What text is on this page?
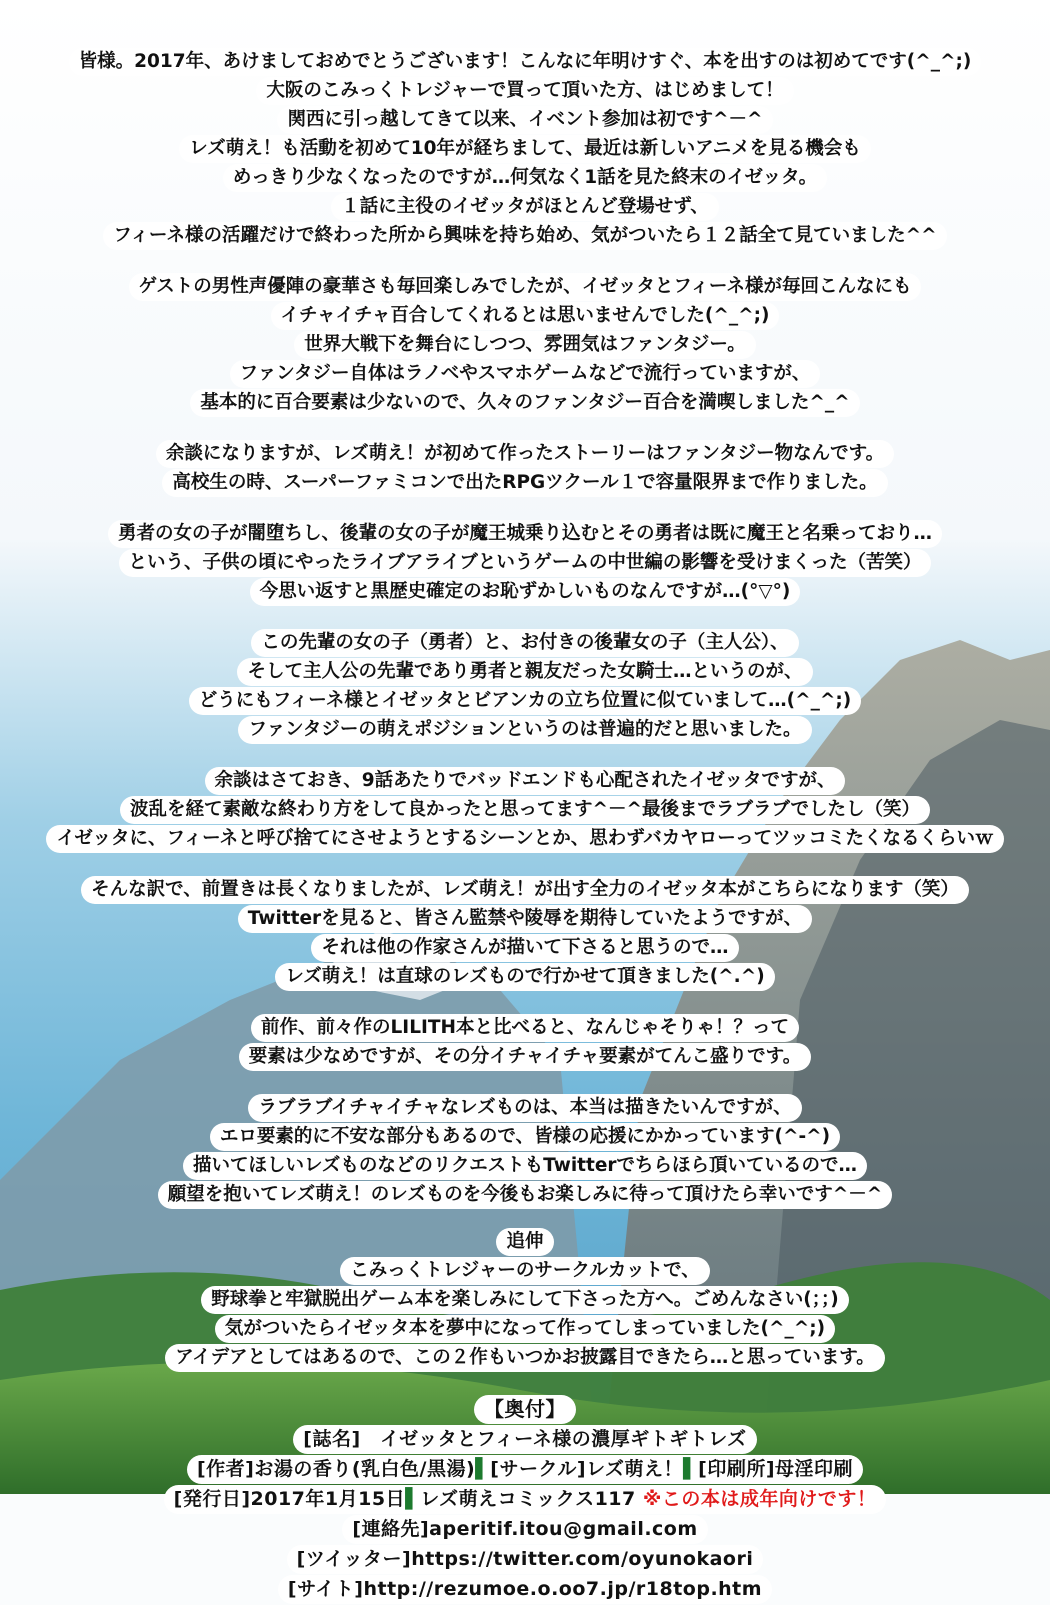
皆様。2017年、あけましておめでとうございます！こんなに年明けすぐ、本を出すのは初めてです(^_^;)
大阪のこみっくトレジャーで買って頂いた方、はじめまして！
関西に引っ越してきて以来、イベント参加は初です^－^
レズ萌え！も活動を初めて10年が経ちまして、最近は新しいアニメを見る機会も
めっきり少なくなったのですが…何気なく1話を見た終末のイゼッタ。
１話に主役のイゼッタがほとんど登場せず、
フィーネ様の活躍だけで終わった所から興味を持ち始め、気がついたら１２話全て見ていました^^
ゲストの男性声優陣の豪華さも毎回楽しみでしたが、イゼッタとフィーネ様が毎回こんなにも
イチャイチャ百合してくれるとは思いませんでした(^_^;)
世界大戦下を舞台にしつつ、雰囲気はファンタジー。
ファンタジー自体はラノベやスマホゲームなどで流行っていますが、
基本的に百合要素は少ないので、久々のファンタジー百合を満喫しました^_^
余談になりますが、レズ萌え！が初めて作ったストーリーはファンタジー物なんです。
高校生の時、スーパーファミコンで出たRPGツクール１で容量限界まで作りました。
勇者の女の子が闇堕ちし、後輩の女の子が魔王城乗り込むとその勇者は既に魔王と名乗っており…
という、子供の頃にやったライブアライブというゲームの中世編の影響を受けまくった（苦笑）
今思い返すと黒歴史確定のお恥ずかしいものなんですが…(°▽°)
この先輩の女の子（勇者）と、お付きの後輩女の子（主人公）、
そして主人公の先輩であり勇者と親友だった女騎士…というのが、
どうにもフィーネ様とイゼッタとビアンカの立ち位置に似ていまして…(^_^;)
ファンタジーの萌えポジションというのは普遍的だと思いました。
余談はさておき、9話あたりでバッドエンドも心配されたイゼッタですが、
波乱を経て素敵な終わり方をして良かったと思ってます^－^最後までラブラブでしたし（笑）
イゼッタに、フィーネと呼び捨てにさせようとするシーンとか、思わずバカヤローってツッコミたくなるくらいｗ
そんな訳で、前置きは長くなりましたが、レズ萌え！が出す全力のイゼッタ本がこちらになります（笑）
Twitterを見ると、皆さん監禁や陵辱を期待していたようですが、
それは他の作家さんが描いて下さると思うので…
レズ萌え！は直球のレズもので行かせて頂きました(^.^)
前作、前々作のLILITH本と比べると、なんじゃそりゃ！？って
要素は少なめですが、その分イチャイチャ要素がてんこ盛りです。
ラブラブイチャイチャなレズものは、本当は描きたいんですが、
エロ要素的に不安な部分もあるので、皆様の応援にかかっています(^-^)
描いてほしいレズものなどのリクエストもTwitterでちらほら頂いているので…
願望を抱いてレズ萌え！のレズものを今後もお楽しみに待って頂けたら幸いです^－^
追伸
こみっくトレジャーのサークルカットで、
野球拳と牢獄脱出ゲーム本を楽しみにして下さった方へ。ごめんなさい(；；)
気がついたらイゼッタ本を夢中になって作ってしまっていました(^_^;)
アイデアとしてはあるので、この２作もいつかお披露目できたら…と思っています。
【奥付】
[誌名]　イゼッタとフィーネ様の濃厚ギトギトレズ
[作者]お湯の香り(乳白色/黒湯)▌[サークル]レズ萌え！▌[印刷所]母淫印刷
[発行日]2017年1月15日▌レズ萌えコミックス117 ※この本は成年向けです！
[連絡先]aperitif.itou@gmail.com
[ツイッター]https://twitter.com/oyunokaori
[サイト]http://rezumoe.o.oo7.jp/r18top.htm
